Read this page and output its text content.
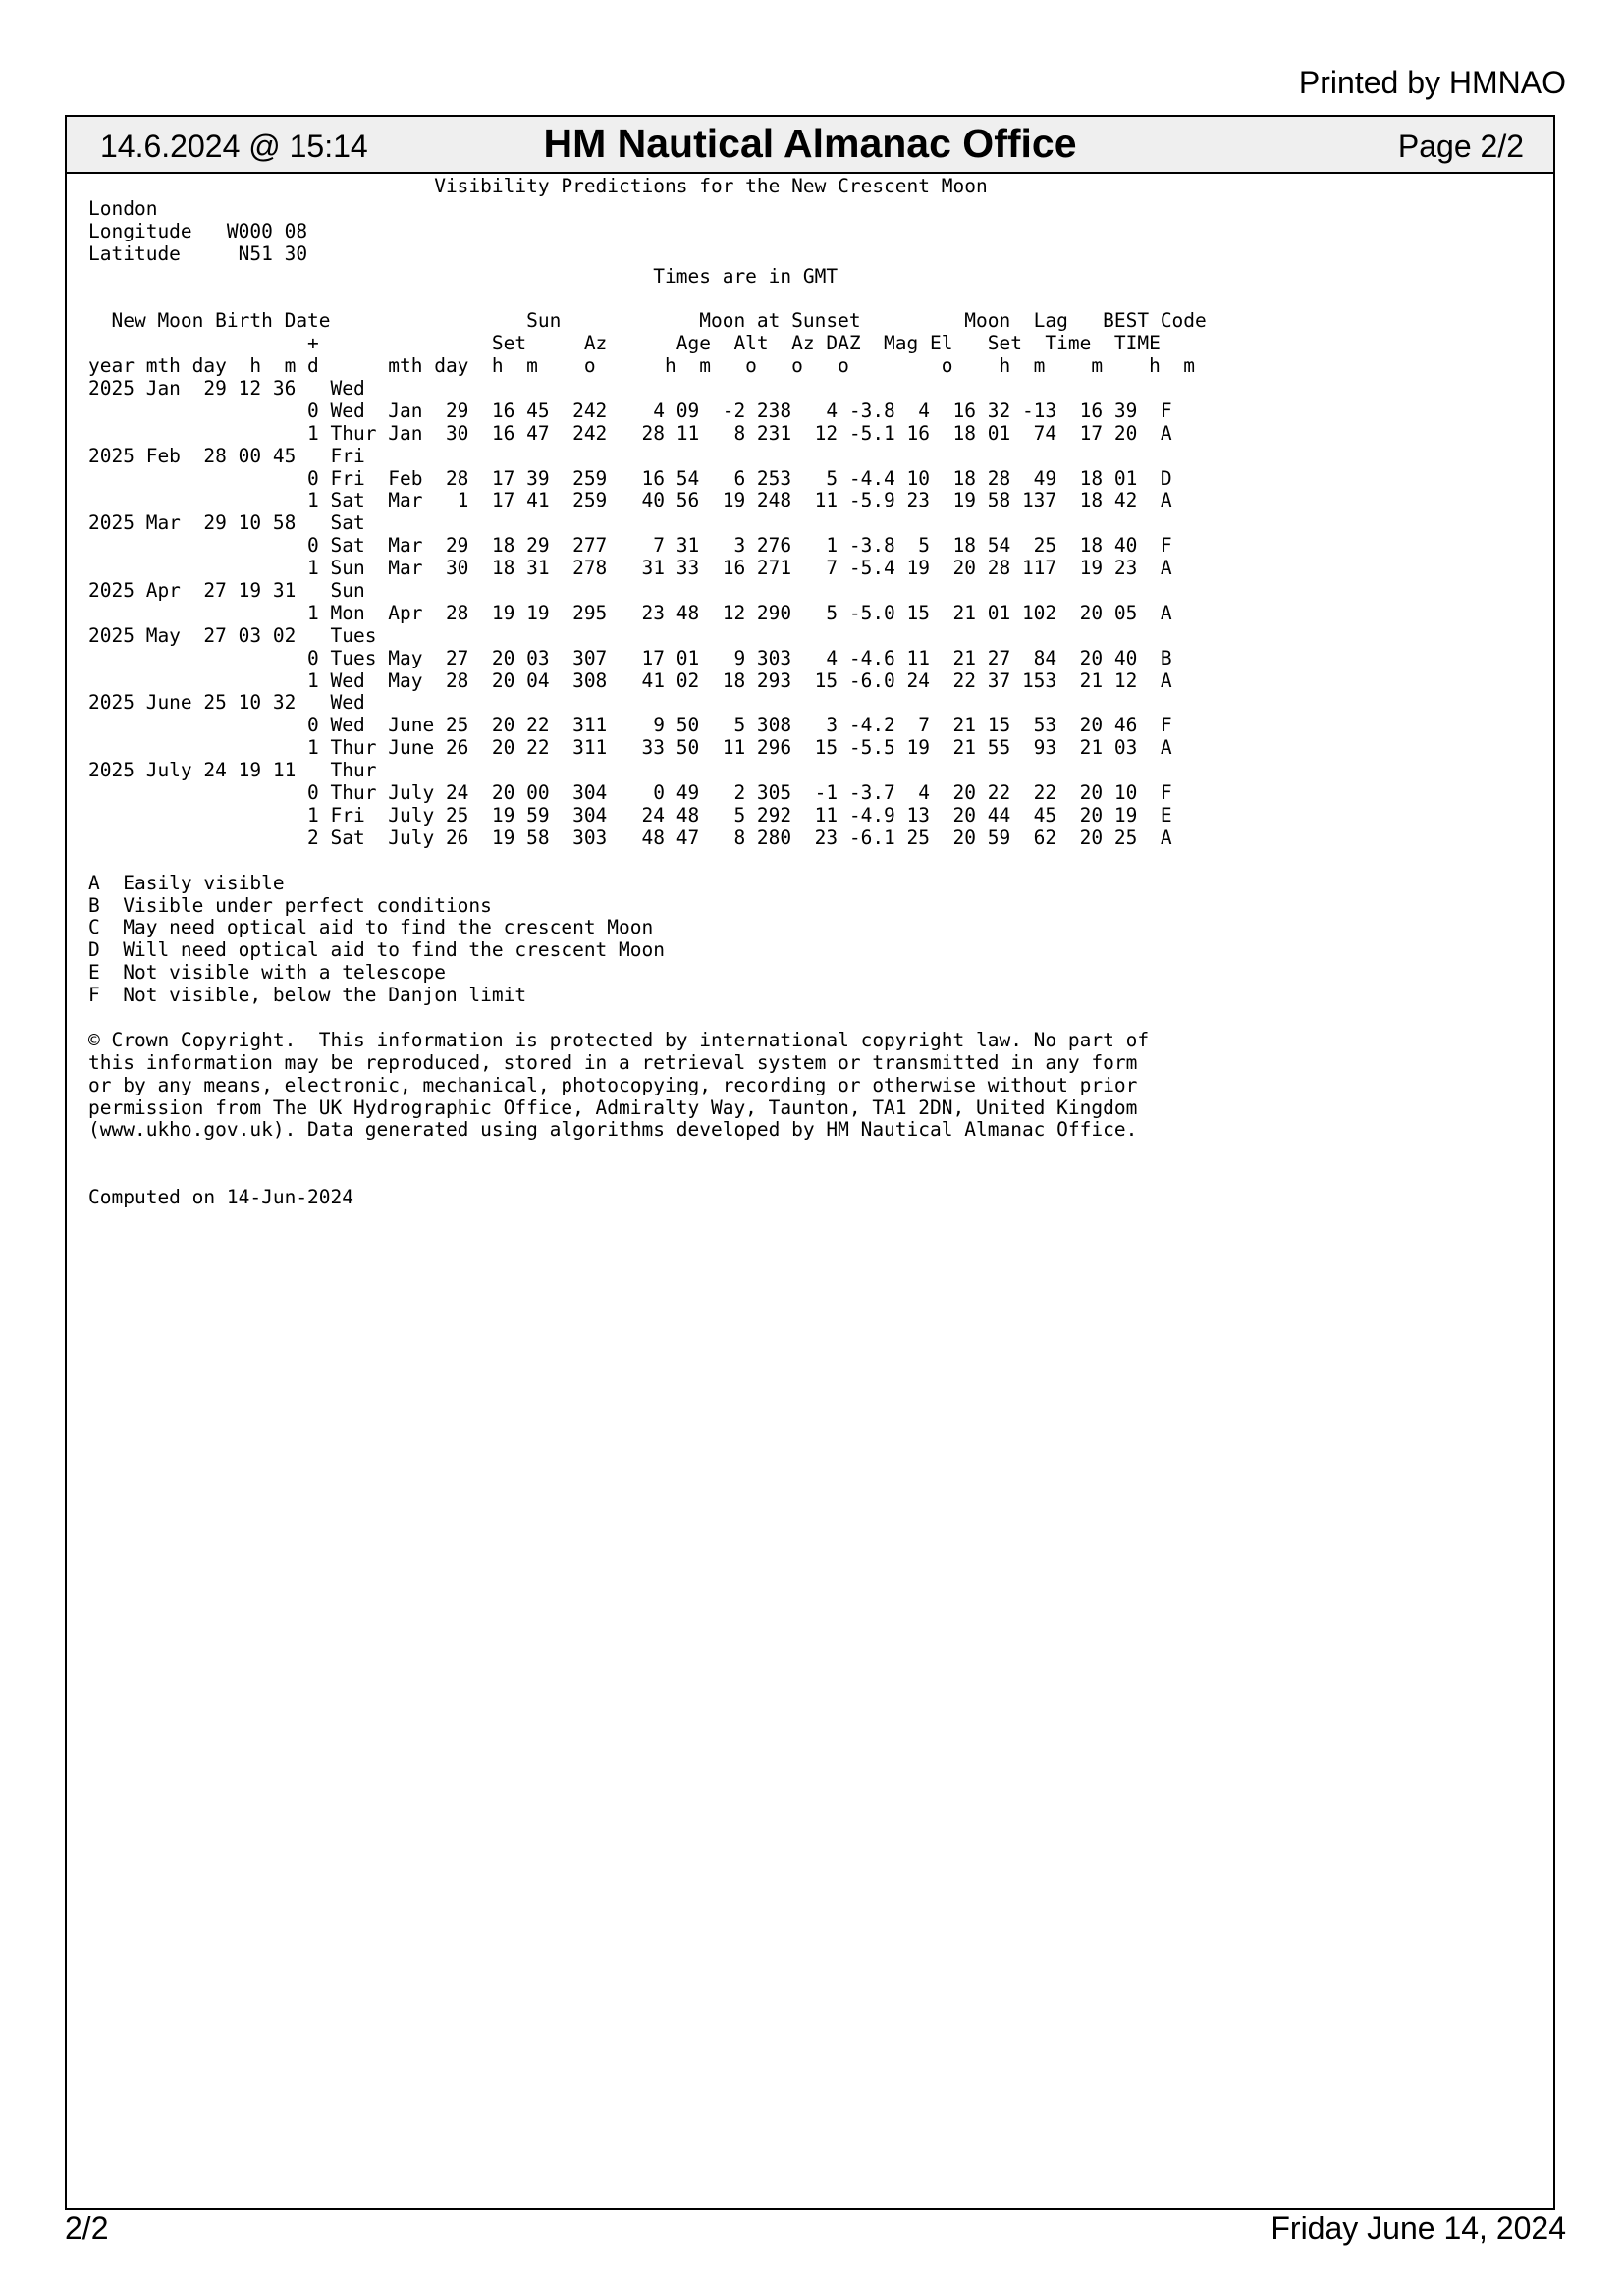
Printed by HMNAO
14.6.2024 @ 15:14	HM Nautical Almanac Office	Page 2/2
Visibility Predictions for the New Crescent Moon
London
Longitude   W000 08
Latitude     N51 30
Times are in GMT
New Moon Birth Date                 Sun            Moon at Sunset         Moon  Lag   BEST Code
+               Set     Az      Age  Alt  Az DAZ  Mag El   Set  Time  TIME
year mth day  h  m d      mth day  h  m    o      h  m   o   o   o        o    h  m    m    h  m
2025 Jan  29 12 36   Wed
0 Wed  Jan  29  16 45  242    4 09  -2 238   4 -3.8  4  16 32 -13  16 39  F
1 Thur Jan  30  16 47  242   28 11   8 231  12 -5.1 16  18 01  74  17 20  A
2025 Feb  28 00 45   Fri
0 Fri  Feb  28  17 39  259   16 54   6 253   5 -4.4 10  18 28  49  18 01  D
1 Sat  Mar   1  17 41  259   40 56  19 248  11 -5.9 23  19 58 137  18 42  A
2025 Mar  29 10 58   Sat
0 Sat  Mar  29  18 29  277    7 31   3 276   1 -3.8  5  18 54  25  18 40  F
1 Sun  Mar  30  18 31  278   31 33  16 271   7 -5.4 19  20 28 117  19 23  A
2025 Apr  27 19 31   Sun
1 Mon  Apr  28  19 19  295   23 48  12 290   5 -5.0 15  21 01 102  20 05  A
2025 May  27 03 02   Tues
0 Tues May  27  20 03  307   17 01   9 303   4 -4.6 11  21 27  84  20 40  B
1 Wed  May  28  20 04  308   41 02  18 293  15 -6.0 24  22 37 153  21 12  A
2025 June 25 10 32   Wed
0 Wed  June 25  20 22  311    9 50   5 308   3 -4.2  7  21 15  53  20 46  F
1 Thur June 26  20 22  311   33 50  11 296  15 -5.5 19  21 55  93  21 03  A
2025 July 24 19 11   Thur
0 Thur July 24  20 00  304    0 49   2 305  -1 -3.7  4  20 22  22  20 10  F
1 Fri  July 25  19 59  304   24 48   5 292  11 -4.9 13  20 44  45  20 19  E
2 Sat  July 26  19 58  303   48 47   8 280  23 -6.1 25  20 59  62  20 25  A
A  Easily visible
B  Visible under perfect conditions
C  May need optical aid to find the crescent Moon
D  Will need optical aid to find the crescent Moon
E  Not visible with a telescope
F  Not visible, below the Danjon limit
© Crown Copyright.  This information is protected by international copyright law. No part of
this information may be reproduced, stored in a retrieval system or transmitted in any form
or by any means, electronic, mechanical, photocopying, recording or otherwise without prior
permission from The UK Hydrographic Office, Admiralty Way, Taunton, TA1 2DN, United Kingdom
(www.ukho.gov.uk). Data generated using algorithms developed by HM Nautical Almanac Office.
Computed on 14-Jun-2024
2/2	Friday June 14, 2024
